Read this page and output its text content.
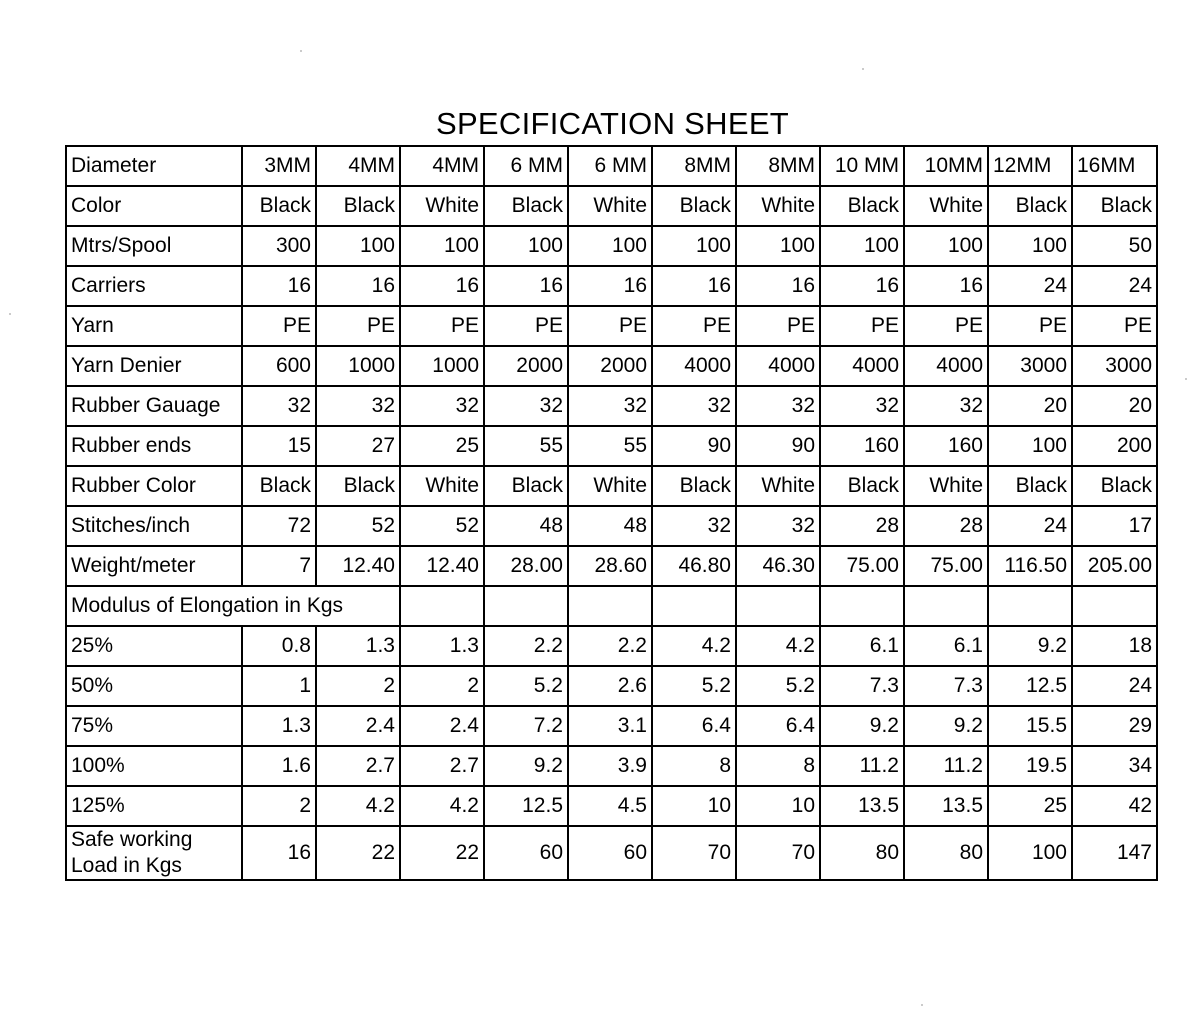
SPECIFICATION SHEET
Diameter	3MM	4MM	4MM	6 MM	6 MM	8MM	8MM	10 MM	10MM	12MM	16MM
Color	Black	Black	White	Black	White	Black	White	Black	White	Black	Black
Mtrs/Spool	300	100	100	100	100	100	100	100	100	100	50
Carriers	16	16	16	16	16	16	16	16	16	24	24
Yarn	PE	PE	PE	PE	PE	PE	PE	PE	PE	PE	PE
Yarn Denier	600	1000	1000	2000	2000	4000	4000	4000	4000	3000	3000
Rubber Gauage	32	32	32	32	32	32	32	32	32	20	20
Rubber ends	15	27	25	55	55	90	90	160	160	100	200
Rubber Color	Black	Black	White	Black	White	Black	White	Black	White	Black	Black
Stitches/inch	72	52	52	48	48	32	32	28	28	24	17
Weight/meter	7	12.40	12.40	28.00	28.60	46.80	46.30	75.00	75.00	116.50	205.00
Modulus of Elongation in Kgs											
25%	0.8	1.3	1.3	2.2	2.2	4.2	4.2	6.1	6.1	9.2	18
50%	1	2	2	5.2	2.6	5.2	5.2	7.3	7.3	12.5	24
75%	1.3	2.4	2.4	7.2	3.1	6.4	6.4	9.2	9.2	15.5	29
100%	1.6	2.7	2.7	9.2	3.9	8	8	11.2	11.2	19.5	34
125%	2	4.2	4.2	12.5	4.5	10	10	13.5	13.5	25	42

Safe working
Load in Kgs	16	22	22	60	60	70	70	80	80	100	147
